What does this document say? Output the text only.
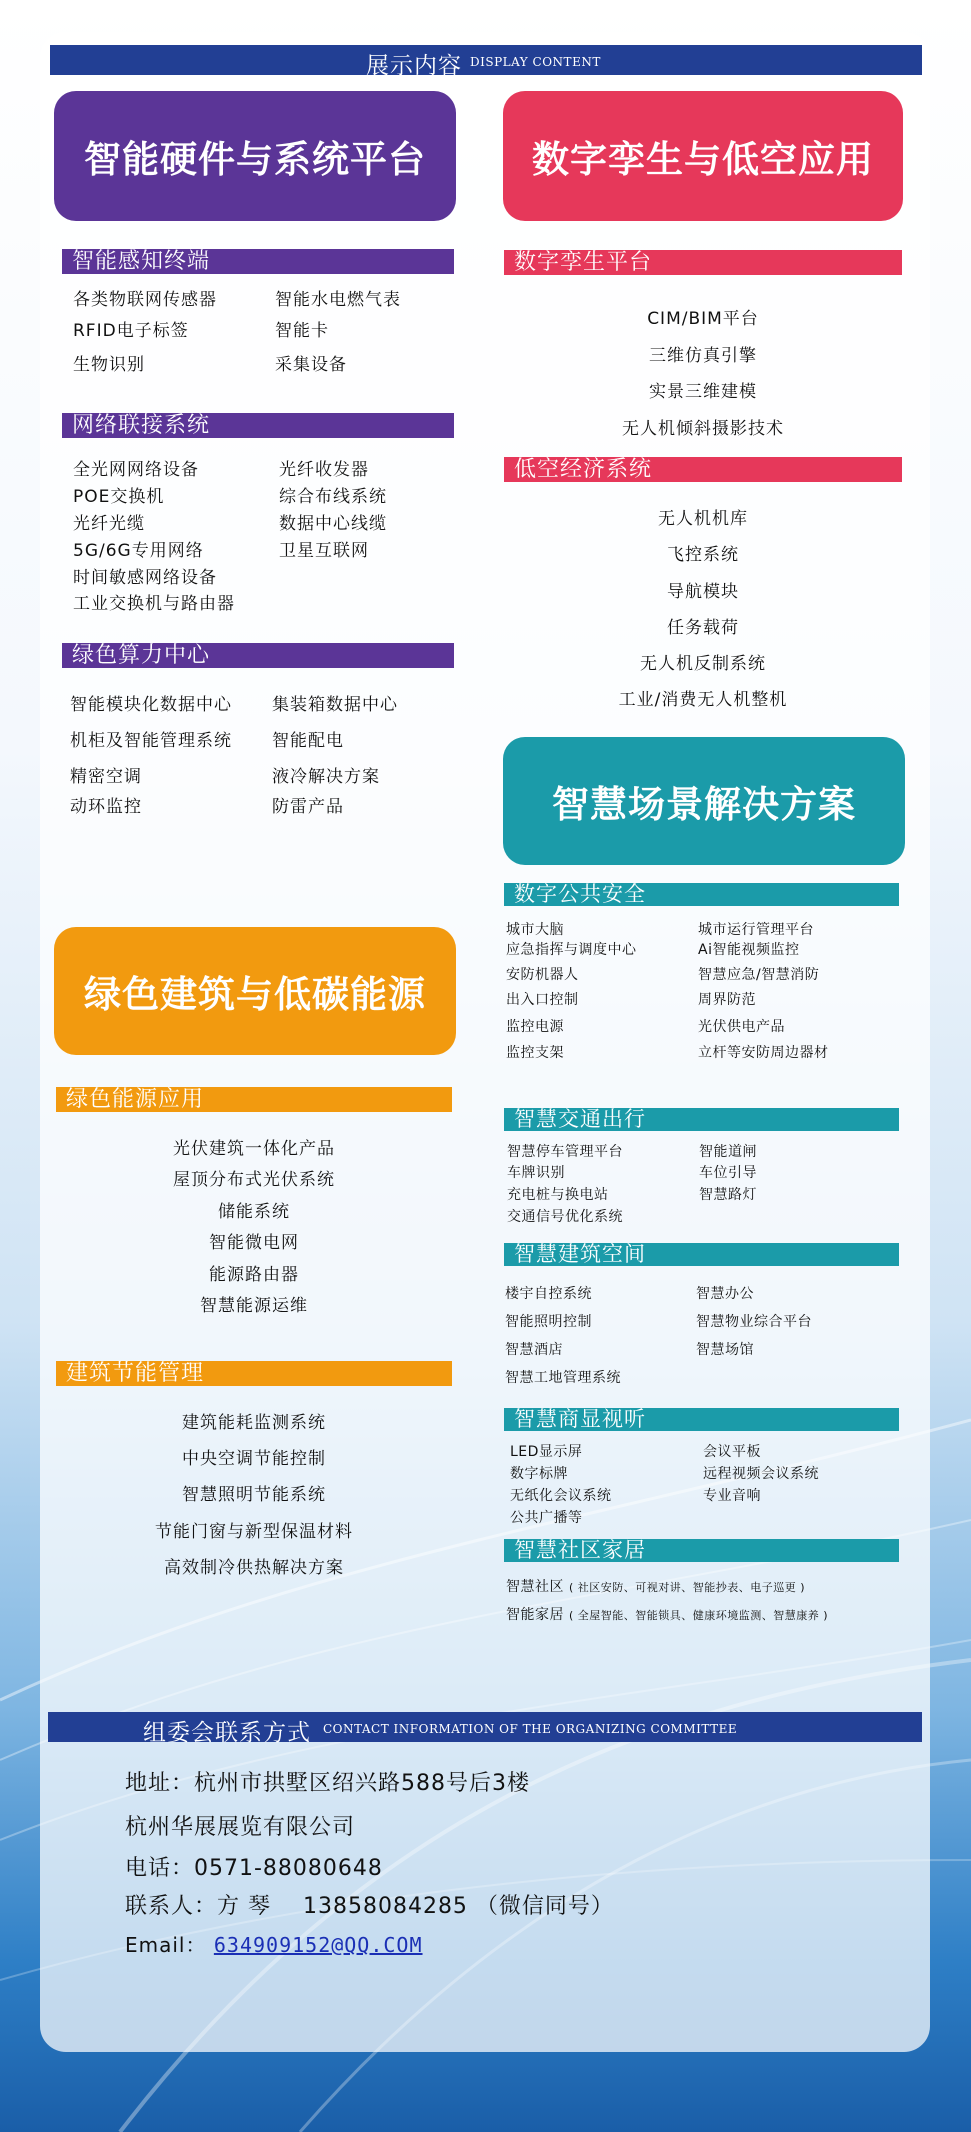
展示内容 DISPLAY CONTENT
智能硬件与系统平台
智能感知终端
各类物联网传感器	智能水电燃气表
RFID电子标签	智能卡
生物识别	采集设备
网络联接系统
全光网网络设备	光纤收发器
POE交换机	综合布线系统
光纤光缆	数据中心线缆
5G/6G专用网络	卫星互联网
时间敏感网络设备
工业交换机与路由器
绿色算力中心
智能模块化数据中心 集装箱数据中心
机柜及智能管理系统 智能配电
精密空调	液冷解决方案
动环监控	防雷产品
绿色建筑与低碳能源
绿色能源应用
光伏建筑一体化产品
屋顶分布式光伏系统
储能系统
智能微电网
能源路由器
智慧能源运维
建筑节能管理
建筑能耗监测系统
中央空调节能控制
智慧照明节能系统
节能门窗与新型保温材料
高效制冷供热解决方案
数字孪生与低空应用
数字孪生平台
CIM/BIM平台
三维仿真引擎
实景三维建模
无人机倾斜摄影技术
低空经济系统
无人机机库
飞控系统
导航模块
任务载荷
无人机反制系统
工业/消费无人机整机
智慧场景解决方案
数字公共安全
城市大脑	城市运行管理平台
应急指挥与调度中心	Ai智能视频监控
安防机器人	智慧应急/智慧消防
出入口控制	周界防范
监控电源	光伏供电产品
监控支架	立杆等安防周边器材
智慧交通出行
智慧停车管理平台	智能道闸
车牌识别	车位引导
充电桩与换电站	智慧路灯
交通信号优化系统
智慧建筑空间
楼宇自控系统	智慧办公
智能照明控制	智慧物业综合平台
智慧酒店	智慧场馆
智慧工地管理系统
智慧商显视听
LED显示屏	会议平板
数字标牌	远程视频会议系统
无纸化会议系统	专业音响
公共广播等
智慧社区家居
智慧社区 ( 社区安防、可视对讲、智能抄表、电子巡更 )
智能家居 ( 全屋智能、智能锁具、健康环境监测、智慧康养 )
组委会联系方式 CONTACT INFORMATION OF THE ORGANIZING COMMITTEE
地址：杭州市拱墅区绍兴路588号后3楼
杭州华展展览有限公司
电话：0571-88080648
联系人：方 琴    13858084285 （微信同号）
Email： 634909152@QQ.COM
